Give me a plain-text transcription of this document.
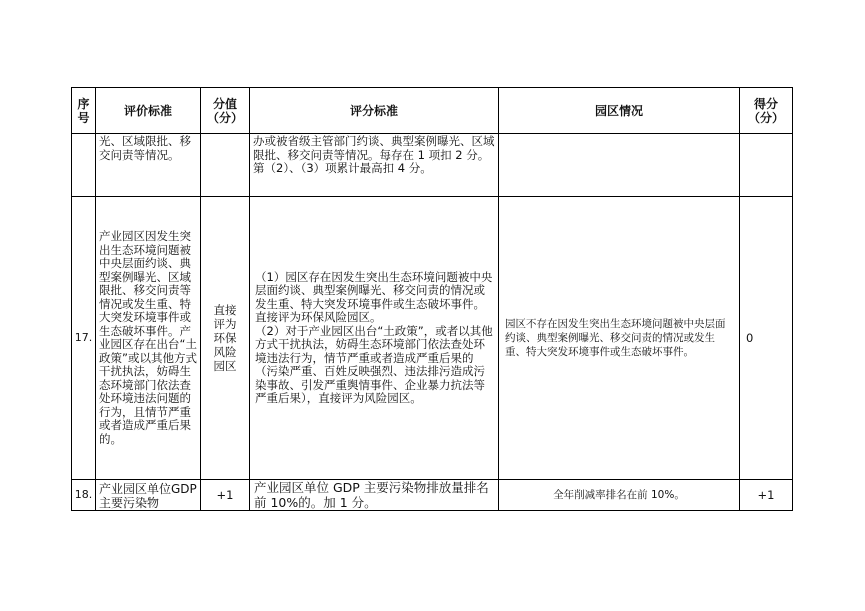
序号	评价标准	分值（分）	评分标准	园区情况	得分（分）
	光、区域限批、移交问责等情况。		办或被省级主管部门约谈、典型案例曝光、区域限批、移交问责等情况。每存在 1 项扣 2 分。
第（2）、（3）项累计最高扣 4 分。		

17.	产业园区因发生突出生态环境问题被中央层面约谈、典型案例曝光、区域限批、移交问责等情况或发生重、特大突发环境事件或生态破坏事件。产业园区存在出台“土政策”或以其他方式干扰执法，妨碍生态环境部门依法查处环境违法问题的行为，且情节严重或者造成严重后果的。	直接评为环保风险园区	（1）园区存在因发生突出生态环境问题被中央层面约谈、典型案例曝光、移交问责的情况或发生重、特大突发环境事件或生态破坏事件。直接评为环保风险园区。
（2）对于产业园区出台“土政策”，或者以其他方式干扰执法，妨碍生态环境部门依法查处环境违法行为，情节严重或者造成严重后果的（污染严重、百姓反映强烈、违法排污造成污染事故、引发严重舆情事件、企业暴力抗法等严重后果），直接评为风险园区。	园区不存在因发生突出生态环境问题被中央层面约谈、典型案例曝光、移交问责的情况或发生重、特大突发环境事件或生态破坏事件。	0
18.	产业园区单位GDP 主要污染物	+1	产业园区单位 GDP 主要污染物排放量排名前 10%的。加 1 分。	全年削减率排名在前 10%。	+1
